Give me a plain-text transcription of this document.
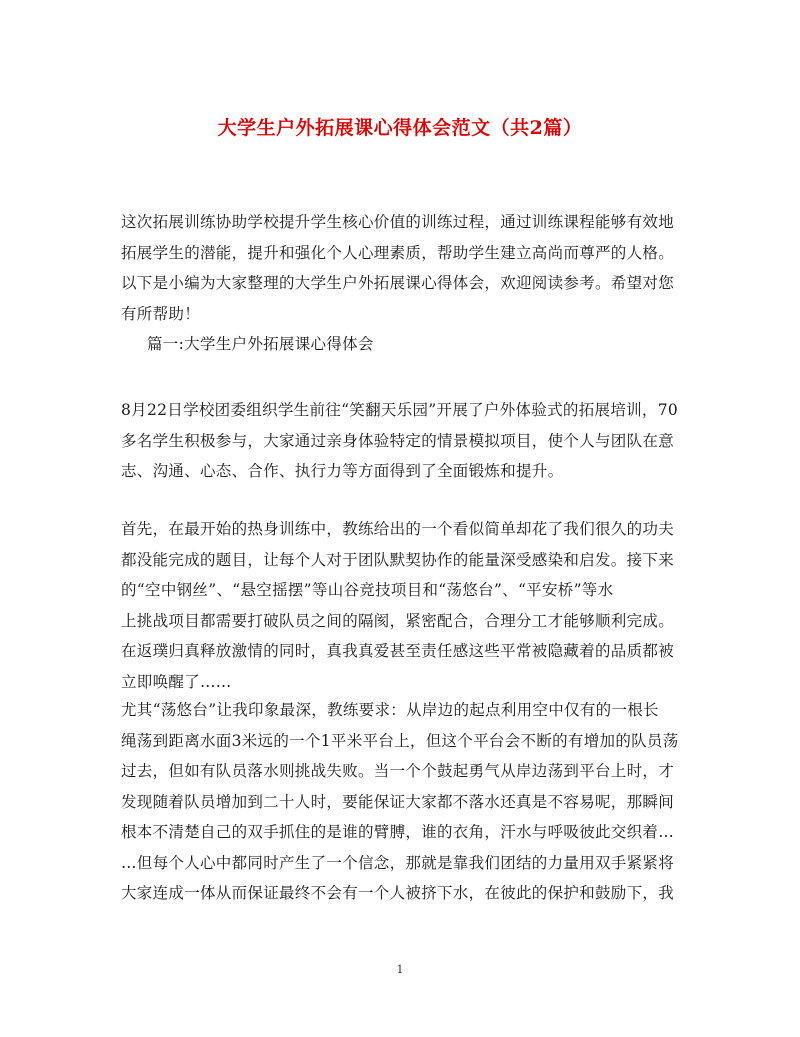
大学生户外拓展课心得体会范文（共2篇）
这次拓展训练协助学校提升学生核心价值的训练过程，通过训练课程能够有效地
拓展学生的潜能，提升和强化个人心理素质，帮助学生建立高尚而尊严的人格。
以下是小编为大家整理的大学生户外拓展课心得体会，欢迎阅读参考。希望对您
有所帮助！
篇一:大学生户外拓展课心得体会
8月22日学校团委组织学生前往“笑翻天乐园”开展了户外体验式的拓展培训，70
多名学生积极参与，大家通过亲身体验特定的情景模拟项目，使个人与团队在意
志、沟通、心态、合作、执行力等方面得到了全面锻炼和提升。
首先，在最开始的热身训练中，教练给出的一个看似简单却花了我们很久的功夫
都没能完成的题目，让每个人对于团队默契协作的能量深受感染和启发。接下来
的“空中钢丝”、“悬空摇摆”等山谷竞技项目和“荡悠台”、“平安桥”等水
上挑战项目都需要打破队员之间的隔阂，紧密配合，合理分工才能够顺利完成。
在返璞归真释放激情的同时，真我真爱甚至责任感这些平常被隐藏着的品质都被
立即唤醒了……
尤其“荡悠台”让我印象最深，教练要求：从岸边的起点利用空中仅有的一根长
绳荡到距离水面3米远的一个1平米平台上，但这个平台会不断的有增加的队员荡
过去，但如有队员落水则挑战失败。当一个个鼓起勇气从岸边荡到平台上时，才
发现随着队员增加到二十人时，要能保证大家都不落水还真是不容易呢，那瞬间
根本不清楚自己的双手抓住的是谁的臂膊，谁的衣角，汗水与呼吸彼此交织着…
…但每个人心中都同时产生了一个信念，那就是靠我们团结的力量用双手紧紧将
大家连成一体从而保证最终不会有一个人被挤下水，在彼此的保护和鼓励下，我
1
